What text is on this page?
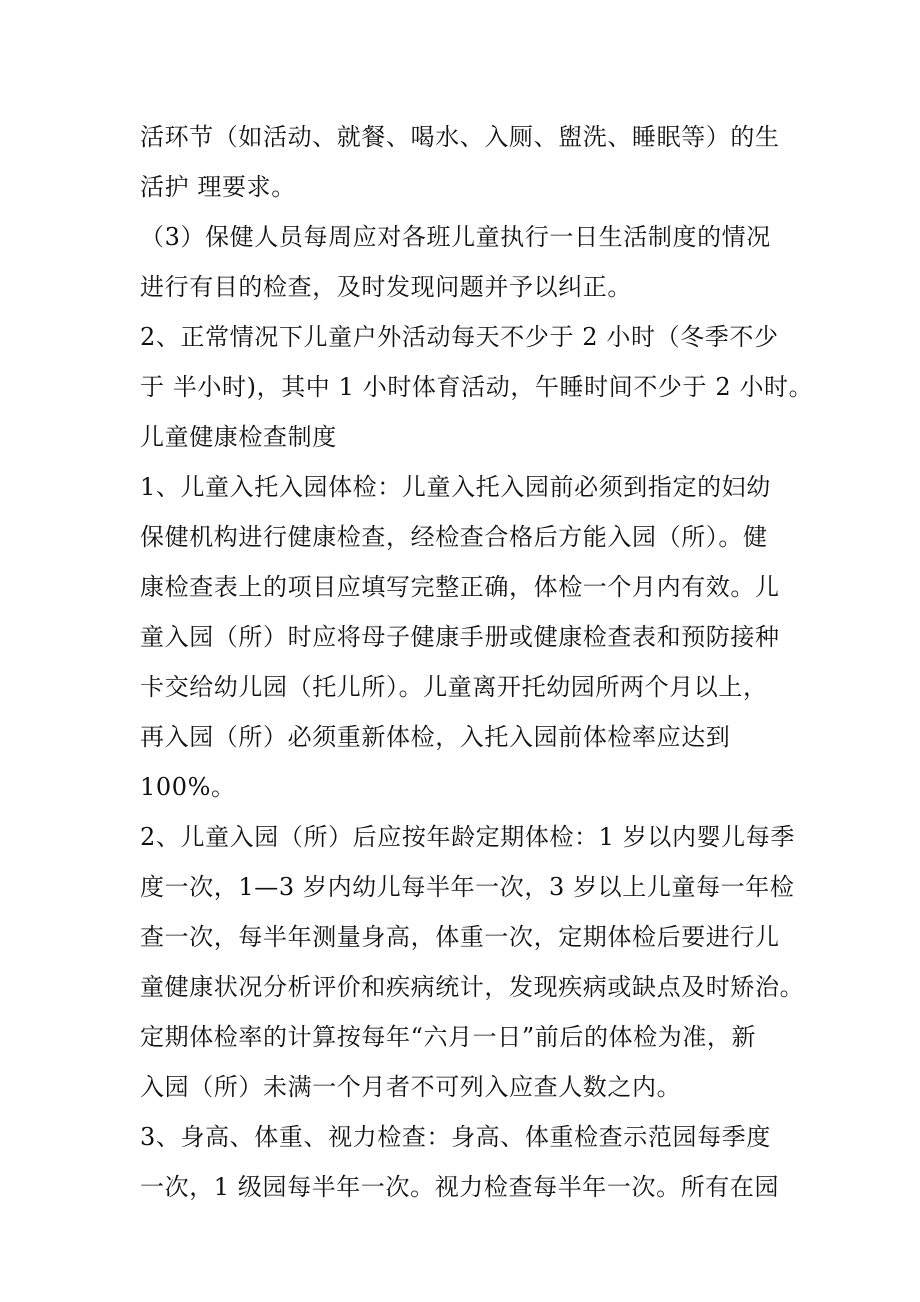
活环节（如活动、就餐、喝水、入厕、盥洗、睡眠等）的生

活护 理要求。

（3）保健人员每周应对各班儿童执行一日生活制度的情况

进行有目的检查，及时发现问题并予以纠正。

2、正常情况下儿童户外活动每天不少于 2 小时（冬季不少

于 半小时)，其中 1 小时体育活动，午睡时间不少于 2 小时。

儿童健康检查制度

1、儿童入托入园体检：儿童入托入园前必须到指定的妇幼

保健机构进行健康检查，经检查合格后方能入园（所）。健

康检查表上的项目应填写完整正确，体检一个月内有效。儿

童入园（所）时应将母子健康手册或健康检查表和预防接种

卡交给幼儿园（托儿所）。儿童离开托幼园所两个月以上，

再入园（所）必须重新体检，入托入园前体检率应达到

100%。

2、儿童入园（所）后应按年龄定期体检：1 岁以内婴儿每季

度一次，1—3 岁内幼儿每半年一次，3 岁以上儿童每一年检

查一次，每半年测量身高，体重一次，定期体检后要进行儿

童健康状况分析评价和疾病统计，发现疾病或缺点及时矫治。

定期体检率的计算按每年“六月一日”前后的体检为准，新

入园（所）未满一个月者不可列入应查人数之内。

3、身高、体重、视力检查：身高、体重检查示范园每季度

一次，1 级园每半年一次。视力检查每半年一次。所有在园
